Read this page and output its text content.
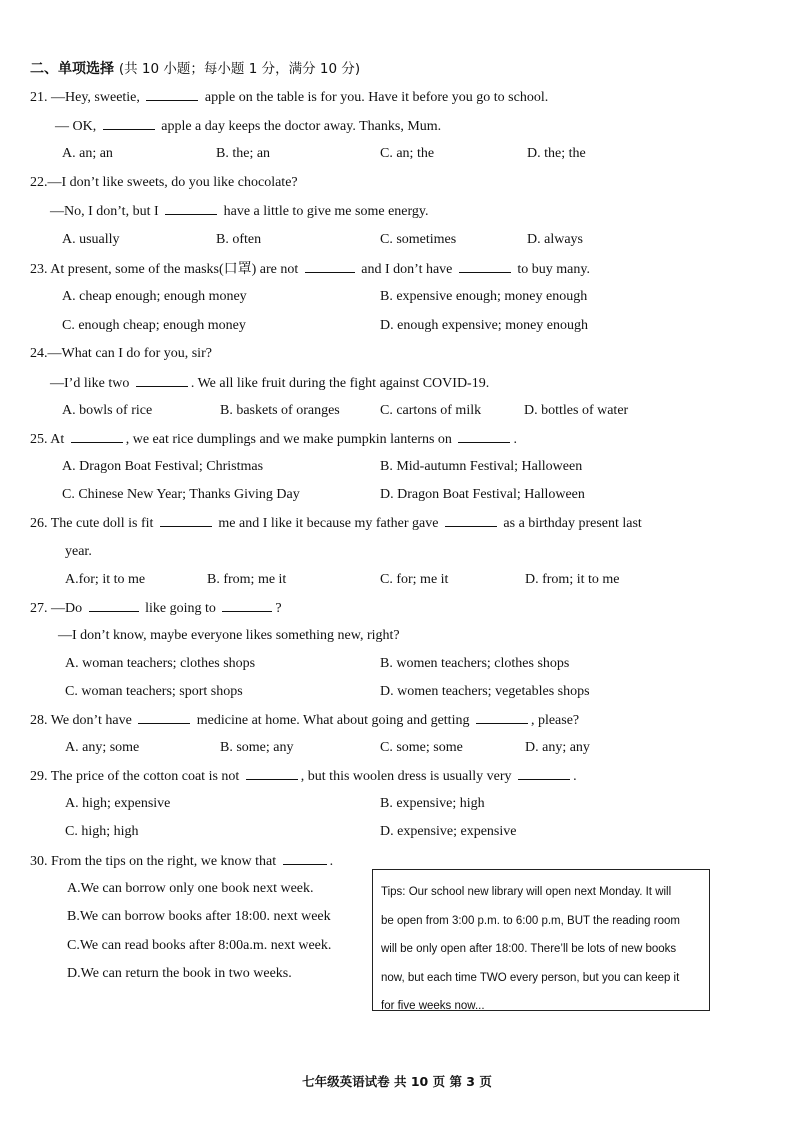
二、单项选择 (共 10 小题；每小题 1 分，满分 10 分)
21. —Hey, sweetie,	apple on the table is for you. Have it before you go to school.
— OK,	apple a day keeps the doctor away. Thanks, Mum.
A. an; an	B. the; an	C. an; the	D. the; the
22.—I don’t like sweets, do you like chocolate?
—No, I don’t, but I	have a little to give me some energy.
A. usually	B. often	C. sometimes	D. always
23. At present, some of the masks(口罩) are not	and I don’t have	to buy many.
A. cheap enough; enough money	B. expensive enough; money enough
C. enough cheap; enough money	D. enough expensive; money enough
24.—What can I do for you, sir?
—I’d like two	. We all like fruit during the fight against COVID-19.
A. bowls of rice	B. baskets of oranges	C. cartons of milk	D. bottles of water
25. At	, we eat rice dumplings and we make pumpkin lanterns on	.
A. Dragon Boat Festival; Christmas	B. Mid-autumn Festival; Halloween
C. Chinese New Year; Thanks Giving Day	D. Dragon Boat Festival; Halloween
26. The cute doll is fit	me and I like it because my father gave	as a birthday present last
year.
A.for; it to me	B. from; me it	C. for; me it	D. from; it to me
27. —Do	like going to	?
—I don’t know, maybe everyone likes something new, right?
A. woman teachers; clothes shops	B. women teachers; clothes shops
C. woman teachers; sport shops	D. women teachers; vegetables shops
28. We don’t have	medicine at home. What about going and getting	, please?
A. any; some	B. some; any	C. some; some	D. any; any
29. The price of the cotton coat is not	, but this woolen dress is usually very	.
A. high; expensive	B. expensive; high
C. high; high	D. expensive; expensive
30. From the tips on the right, we know that	.
A.We can borrow only one book next week.
B.We can borrow books after 18:00. next week
C.We can read books after 8:00a.m. next week.
D.We can return the book in two weeks.
Tips: Our school new library will open next Monday. It will
be open from 3:00 p.m. to 6:00 p.m, BUT the reading room
will be only open after 18:00. There’ll be lots of new books
now, but each time TWO every person, but you can keep it
for five weeks now...
七年级英语试卷 共 10 页 第 3 页
